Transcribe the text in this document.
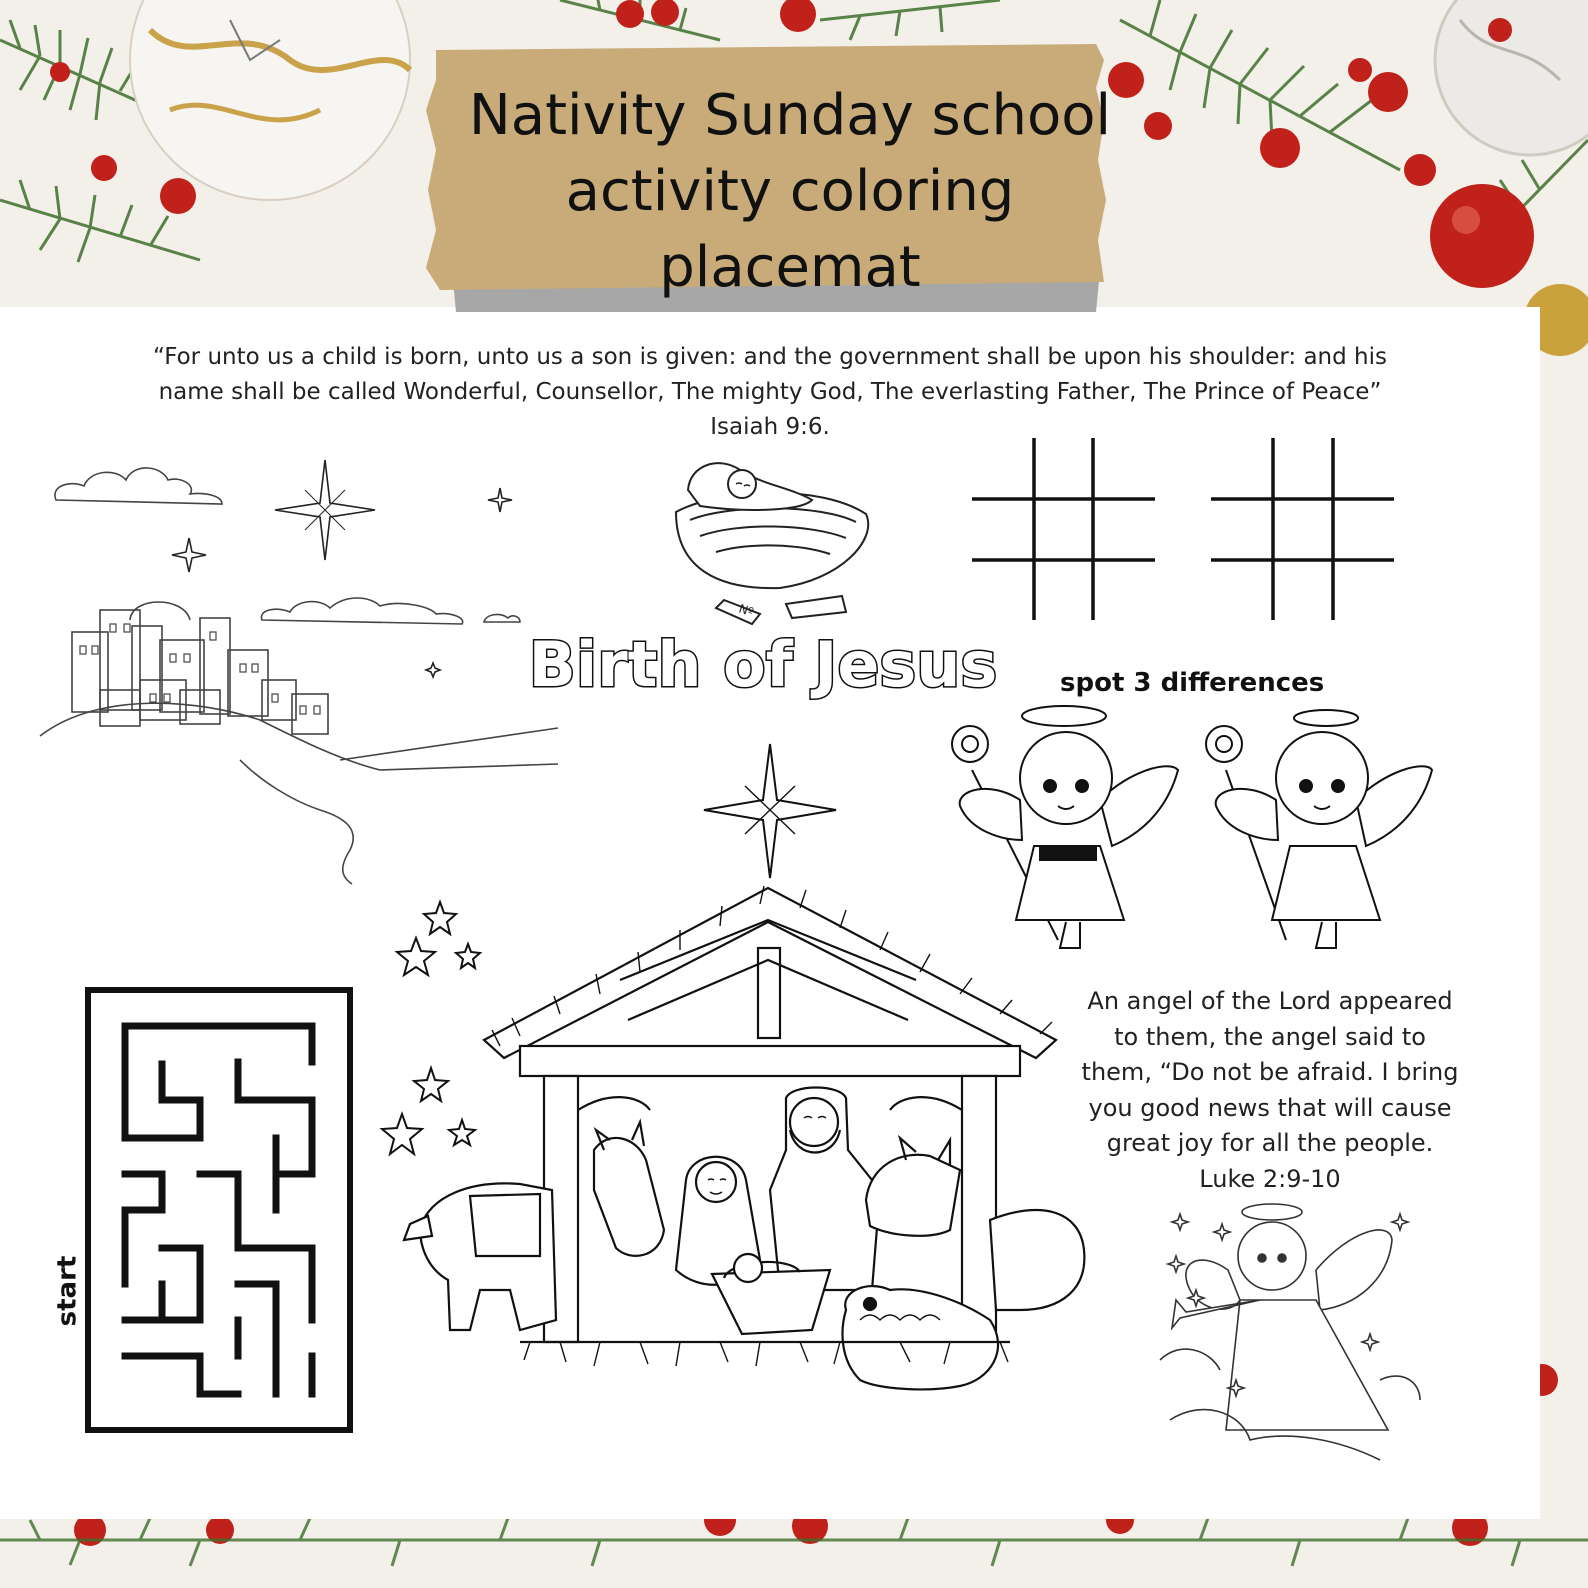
Nº
Birth of Jesus
Nativity Sunday school
activity coloring placemat
“For unto us a child is born, unto us a son is given: and the government shall be upon his shoulder: and his
name shall be called Wonderful, Counsellor, The mighty God, The everlasting Father, The Prince of Peace”
Isaiah 9:6.
spot 3 differences
An angel of the Lord appeared
to them, the angel said to
them, “Do not be afraid. I bring
you good news that will cause
great joy for all the people.
Luke 2:9-10
start
